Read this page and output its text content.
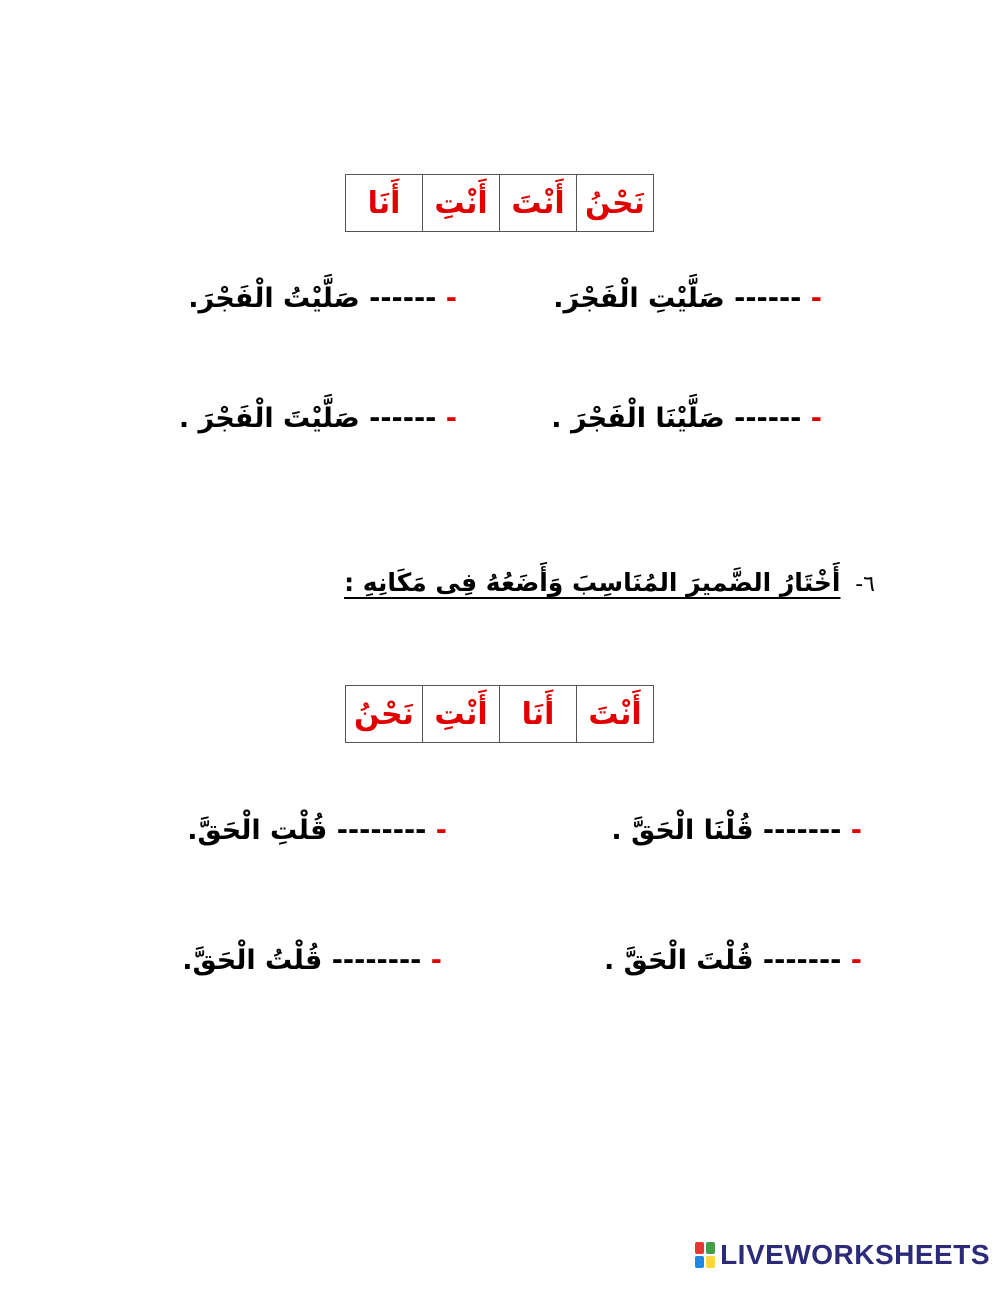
نَحْنُ	أَنْتَ	أَنْتِ	أَنَا
- ------ صَلَّيْتِ الْفَجْرَ.
- ------ صَلَّيْتُ الْفَجْرَ.
- ------ صَلَّيْنَا الْفَجْرَ .
- ------ صَلَّيْتَ الْفَجْرَ .
٦- أَخْتَارُ الضَّميرَ المُنَاسِبَ وَأَضَعُهُ فِى مَكَانِهِ :
أَنْتَ	أَنَا	أَنْتِ	نَحْنُ
- ------- قُلْنَا الْحَقَّ .
- -------- قُلْتِ الْحَقَّ.
- ------- قُلْتَ الْحَقَّ .
- -------- قُلْتُ الْحَقَّ.
LIVEWORKSHEETS
